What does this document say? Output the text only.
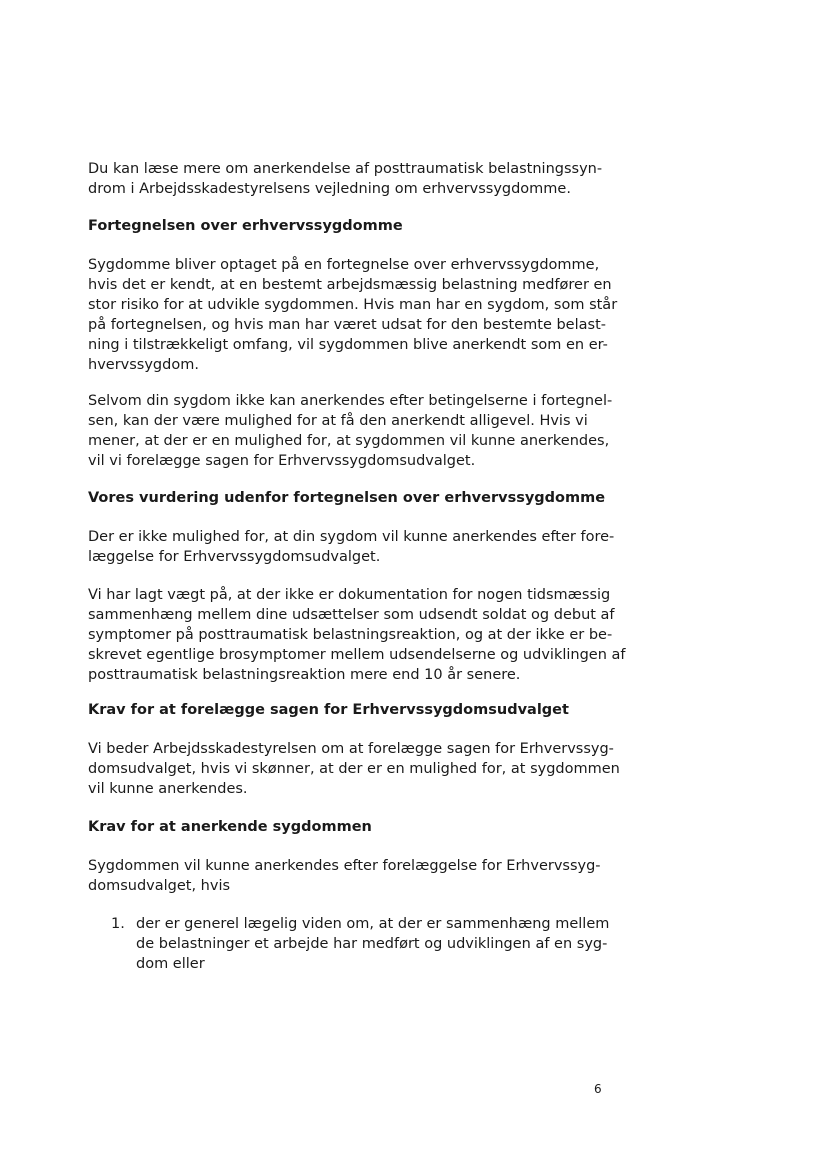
Du kan læse mere om anerkendelse af posttraumatisk belastningssyn-

drom i Arbejdsskadestyrelsens vejledning om erhvervssygdomme.

Fortegnelsen over erhvervssygdomme

Sygdomme bliver optaget på en fortegnelse over erhvervssygdomme,

hvis det er kendt, at en bestemt arbejdsmæssig belastning medfører en

stor risiko for at udvikle sygdommen. Hvis man har en sygdom, som står

på fortegnelsen, og hvis man har været udsat for den bestemte belast-

ning i tilstrækkeligt omfang, vil sygdommen blive anerkendt som en er-

hvervssygdom.

Selvom din sygdom ikke kan anerkendes efter betingelserne i fortegnel-

sen, kan der være mulighed for at få den anerkendt alligevel. Hvis vi

mener, at der er en mulighed for, at sygdommen vil kunne anerkendes,

vil vi forelægge sagen for Erhvervssygdomsudvalget.

Vores vurdering udenfor fortegnelsen over erhvervssygdomme

Der er ikke mulighed for, at din sygdom vil kunne anerkendes efter fore-

læggelse for Erhvervssygdomsudvalget.

Vi har lagt vægt på, at der ikke er dokumentation for nogen tidsmæssig

sammenhæng mellem dine udsættelser som udsendt soldat og debut af

symptomer på posttraumatisk belastningsreaktion, og at der ikke er be-

skrevet egentlige brosymptomer mellem udsendelserne og udviklingen af

posttraumatisk belastningsreaktion mere end 10 år senere.

Krav for at forelægge sagen for Erhvervssygdomsudvalget

Vi beder Arbejdsskadestyrelsen om at forelægge sagen for Erhvervssyg-

domsudvalget, hvis vi skønner, at der er en mulighed for, at sygdommen

vil kunne anerkendes.

Krav for at anerkende sygdommen

Sygdommen vil kunne anerkendes efter forelæggelse for Erhvervssyg-

domsudvalget, hvis

1. der er generel lægelig viden om, at der er sammenhæng mellem
de belastninger et arbejde har medført og udviklingen af en syg-
dom eller
6
